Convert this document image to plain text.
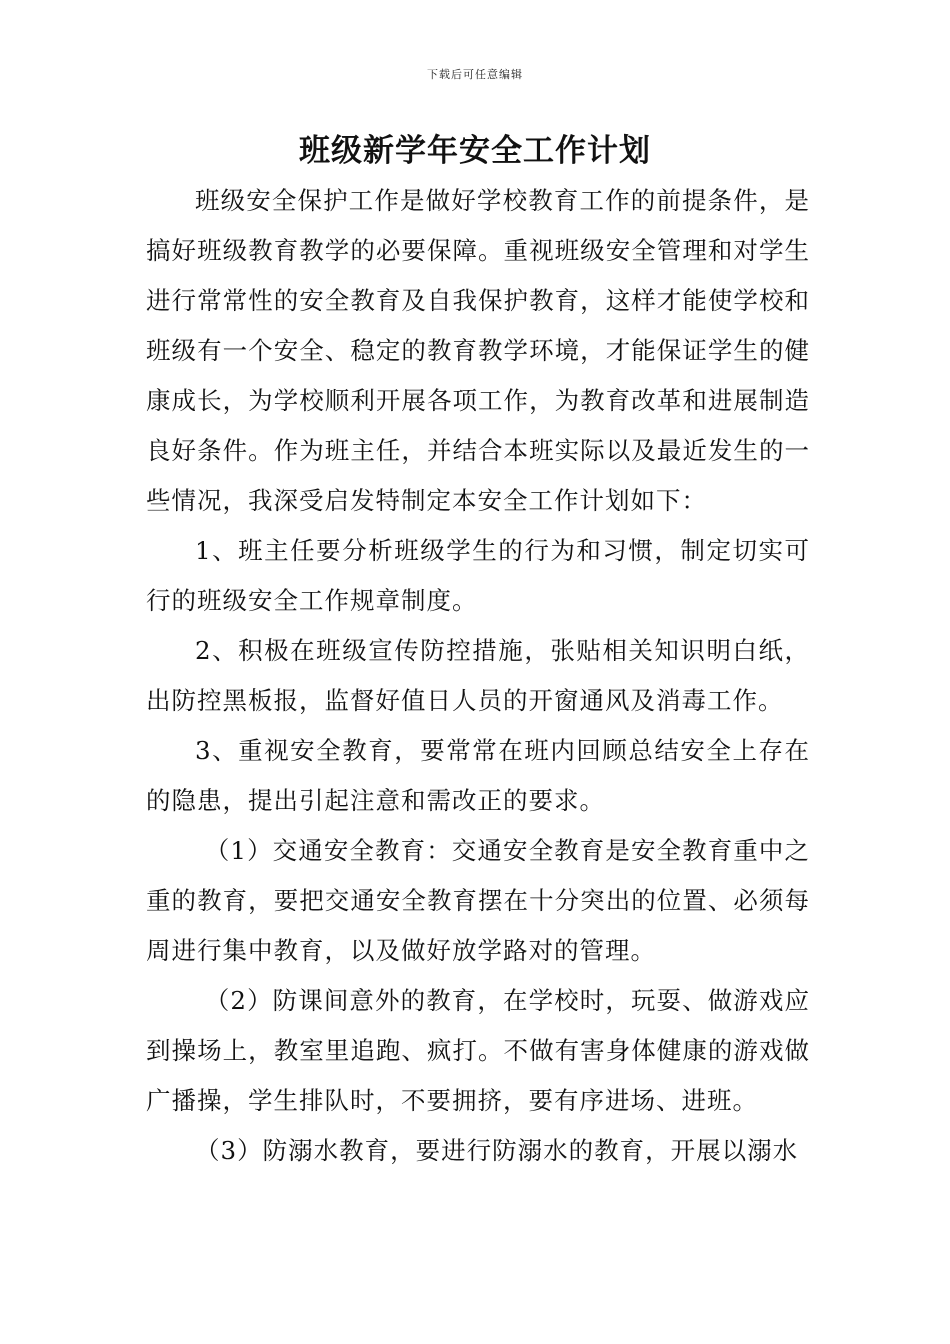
下载后可任意编辑
班级新学年安全工作计划

班级安全保护工作是做好学校教育工作的前提条件，是搞好班级教育教学的必要保障。重视班级安全管理和对学生进行常常性的安全教育及自我保护教育，这样才能使学校和班级有一个安全、稳定的教育教学环境，才能保证学生的健康成长，为学校顺利开展各项工作，为教育改革和进展制造良好条件。作为班主任，并结合本班实际以及最近发生的一些情况，我深受启发特制定本安全工作计划如下：

1、班主任要分析班级学生的行为和习惯，制定切实可行的班级安全工作规章制度。

2、积极在班级宣传防控措施，张贴相关知识明白纸，出防控黑板报，监督好值日人员的开窗通风及消毒工作。

3、重视安全教育，要常常在班内回顾总结安全上存在的隐患，提出引起注意和需改正的要求。

（1）交通安全教育：交通安全教育是安全教育重中之重的教育，要把交通安全教育摆在十分突出的位置、必须每周进行集中教育，以及做好放学路对的管理。

（2）防课间意外的教育，在学校时，玩耍、做游戏应到操场上，教室里追跑、疯打。不做有害身体健康的游戏做广播操，学生排队时，不要拥挤，要有序进场、进班。

（3）防溺水教育，要进行防溺水的教育，开展以溺水
